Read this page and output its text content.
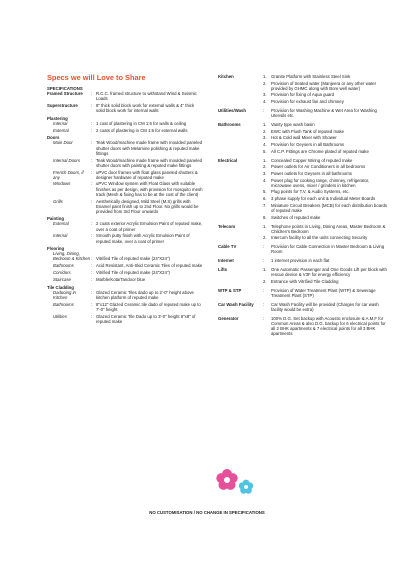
Specs we will Love to Share
SPECIFICATIONS
Framed Structure	: R.C.C. framed structure to withstand Wind & Seismic Loads
Superstructure	: 8" thick solid block work for external walls & 4" thick solid block work for internal walls
Plastering
Internal	: 1 coat of plastering in CM 1:6 for walls & ceiling
External	: 2 coats of plastering in CM 1:6 for external walls
Doors
Main Door	: Teak Wood/machine made frame with moulded paneled shutter doors with Melamine polishing & reputed make fittings
Internal Doors	: Teak Wood/machine made frame with moulded paneled shutter doors with painting & reputed make fittings
French Doors, if any
: uPVC door frames with float glass paneled shutters & designer hardware of reputed make
Windows	: uPVC Window system with Float Glass with suitable finishes as per design, with provision for mosquito mesh track (Mesh & fixing has to be at the cost of the client)
Grills	: Aesthetically designed, Mild Steel (M.S) grills with Enamel paint finish up to 2nd Floor. No grills would be provided from 3rd Floor onwards
Painting
External	: 2 coats exterior Acrylic Emulsion Paint of reputed make, over a coat of primer
Internal	: Smooth putty finish with Acrylic Emulsion Paint of reputed make, over a coat of primer
Flooring
Living, Dining, Bedroom & Kitchen : Vitrified Tile of reputed make (24"X24")
Bathrooms	: Acid Resistant, Anti-Skid Ceramic Tiles of reputed make
Corridors	: Vitrified Tile of reputed make (24"X24")
Staircase	: Marble/Kota/Tandoor blue
Tile Cladding
Dadooing in Kitchen
: Glazed Ceramic Tiles dado up to 2'-0" height above kitchen platform of reputed make
Bathrooms	: 8"x12" Glazed Ceramic tile dado of reputed make up to 7'-0" height
Utilities	: Glazed Ceramic Tile Dado up to 3'-0" height 8"x8" of reputed make
Kitchen	1.	Granite Platform with Stainless Steel Sink
2.	Provision of treated water (Manjeera or any other water provided by GHMC along with Bore well water)
3.	Provision for fixing of Aqua guard
4.	Provision for exhaust fan and chimney
Utilities/Wash	:	Provision for Washing Machine & Wet Area for Washing Utensils etc.
Bathrooms	1.	Vanity type wash basin
2.	EWC with Flush Tank of reputed make
3.	Hot & Cold wall Mixer with Shower
4.	Provision for Geysers in all Bathrooms
5.	All C.P. Fittings are Chrome plated of reputed make
Electrical	1.	Concealed Copper Wiring of reputed make
2.	Power outlets for Air Conditioners in all bedrooms
3.	Power outlets for Geysers in all bathrooms
4.	Power plug for cooking range, chimney, refrigerator, microwave ovens, mixer / grinders in kitchen
5.	Plug points for T.V. & Audio Systems, etc.
6.	3 phase supply for each unit & Individual Meter Boards
7.	Miniature Circuit Breakers (MCB) for each distribution boards of reputed make
8.	Switches of reputed make
Telecom	1.	Telephone points in Living, Dining Areas, Master Bedroom & Children's Bedroom
2.	Intercom facility to all the units connecting Security
Cable TV	:	Provision for Cable Connection in Master Bedroom & Living Room
Internet	:	1 internet provision in each flat
Lifts	1.	One Automatic Passenger and One Goods Lift per block with rescue device & V3F for energy efficiency
2.	Entrance with Vitrified Tile Cladding
WTP & STP	:	Provision of Water Treatment Plant (WTP) & Sewerage Treatment Plant (STP)
Car Wash Facility	:	Car Wash Facility will be provided (Charges for car wash facility would be extra)
Generator	:	100% D.G. Set backup with Acoustic enclosure & A.M.F for Common Areas & also D.G. backup for 6 electrical points for all 2 BHK apartments & 7 electrical points for all 3 BHK apartments
NO CUSTOMISATION / NO CHANGE IN SPECIFICATIONS
